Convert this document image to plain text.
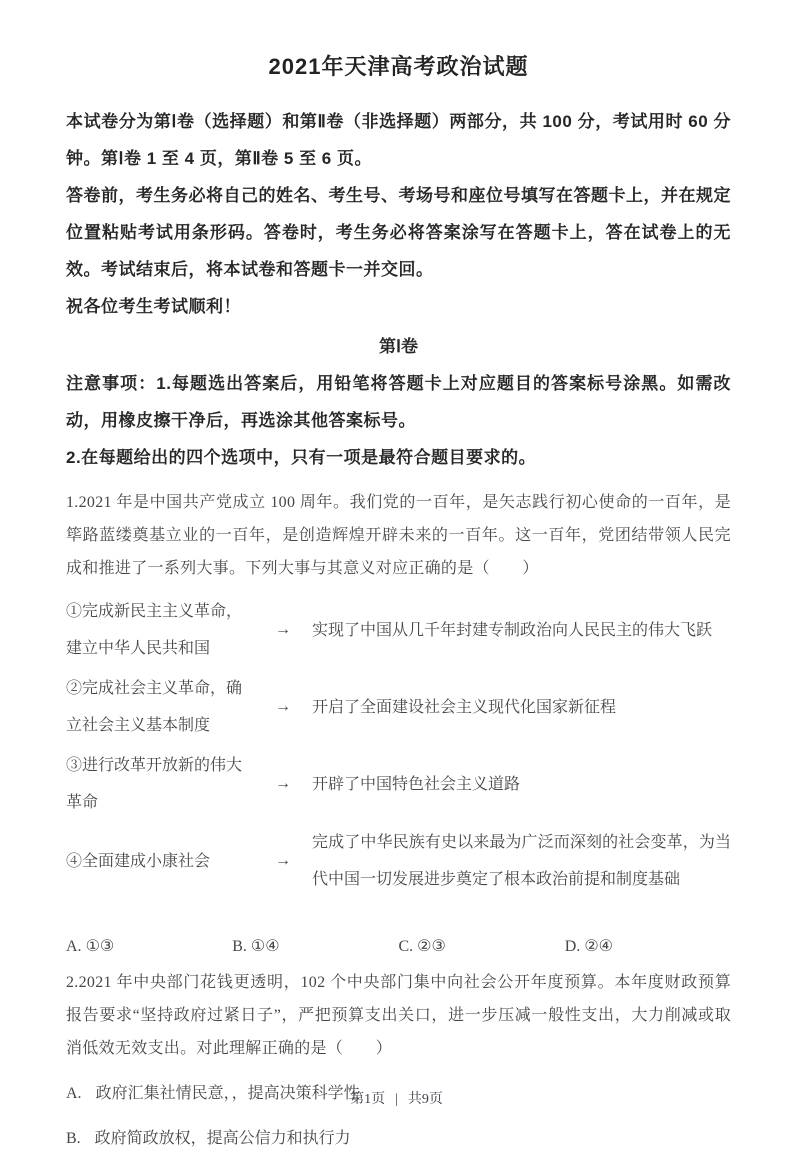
2021年天津高考政治试题

本试卷分为第Ⅰ卷（选择题）和第Ⅱ卷（非选择题）两部分，共 100 分，考试用时 60 分钟。第Ⅰ卷 1 至 4 页，第Ⅱ卷 5 至 6 页。

答卷前，考生务必将自己的姓名、考生号、考场号和座位号填写在答题卡上，并在规定位置粘贴考试用条形码。答卷时，考生务必将答案涂写在答题卡上，答在试卷上的无效。考试结束后，将本试卷和答题卡一并交回。

祝各位考生考试顺利！

第Ⅰ卷

注意事项：1.每题选出答案后，用铅笔将答题卡上对应题目的答案标号涂黑。如需改动，用橡皮擦干净后，再选涂其他答案标号。

2.在每题给出的四个选项中，只有一项是最符合题目要求的。

1.2021 年是中国共产党成立 100 周年。我们党的一百年，是矢志践行初心使命的一百年，是筚路蓝缕奠基立业的一百年，是创造辉煌开辟未来的一百年。这一百年，党团结带领人民完成和推进了一系列大事。下列大事与其意义对应正确的是（　　）

①完成新民主主义革命，建立中华人民共和国
→	实现了中国从几千年封建专制政治向人民民主的伟大飞跃
②完成社会主义革命，确立社会主义基本制度
→	开启了全面建设社会主义现代化国家新征程
③进行改革开放新的伟大革命
→	开辟了中国特色社会主义道路
④全面建成小康社会	→
完成了中华民族有史以来最为广泛而深刻的社会变革，为当代中国一切发展进步奠定了根本政治前提和制度基础
A. ①③	B. ①④	C. ②③	D. ②④

2.2021 年中央部门花钱更透明，102 个中央部门集中向社会公开年度预算。本年度财政预算报告要求“坚持政府过紧日子”，严把预算支出关口，进一步压减一般性支出，大力削减或取消低效无效支出。对此理解正确的是（　　）

A. 政府汇集社情民意，，提高决策科学性
B. 政府简政放权，提高公信力和执行力
第1页 | 共9页
